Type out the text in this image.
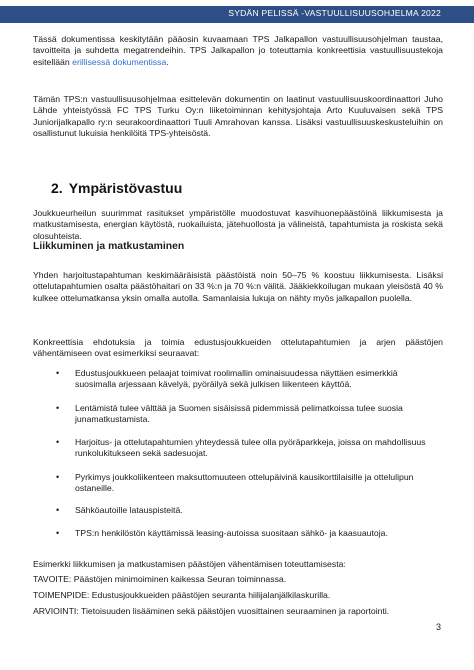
SYDÄN PELISSÄ -VASTUULLISUUSOHJELMA 2022

Tässä dokumentissa keskitytään pääosin kuvaamaan TPS Jalkapallon vastuullisuusohjelman taustaa, tavoitteita ja suhdetta megatrendeihin. TPS Jalkapallon jo toteuttamia konkreettisia vastuullisuustekoja esitellään erillisessä dokumentissa.

Tämän TPS:n vastuullisuusohjelmaa esittelevän dokumentin on laatinut vastuullisuuskoordinaattori Juho Lähde yhteistyössä FC TPS Turku Oy:n liiketoiminnan kehitysjohtaja Arto Kuuluvaisen sekä TPS Juniorijalkapallo ry:n seurakoordinaattori Tuuli Amrahovan kanssa. Lisäksi vastuullisuuskeskusteluihin on osallistunut lukuisia henkilöitä TPS-yhteisöstä.

2. Ympäristövastuu

Joukkueurheilun suurimmat rasitukset ympäristölle muodostuvat kasvihuonepäästöinä liikkumisesta ja matkustamisesta, energian käytöstä, ruokailuista, jätehuollosta ja välineistä, tapahtumista ja roskista sekä olosuhteista.

Liikkuminen ja matkustaminen

Yhden harjoitustapahtuman keskimääräisistä päästöistä noin 50–75 % koostuu liikkumisesta. Lisäksi ottelutapahtumien osalta päästöhaitari on 33 %:n ja 70 %:n välitä. Jääkiekkoilugan mukaan yleisöstä 40 % kulkee ottelumatkansa yksin omalla autolla. Samanlaisia lukuja on nähty myös jalkapallon puolella.

Konkreettisia ehdotuksia ja toimia edustusjoukkueiden ottelutapahtumien ja arjen päästöjen vähentämiseen ovat esimerkiksi seuraavat:

• Edustusjoukkueen pelaajat toimivat roolimallin ominaisuudessa näyttäen esimerkkiä suosimalla arjessaan kävelyä, pyöräilyä sekä julkisen liikenteen käyttöä.

• Lentämistä tulee välttää ja Suomen sisäisissä pidemmissä pelimatkoissa tulee suosia junamatkustamista.

• Harjoitus- ja ottelutapahtumien yhteydessä tulee olla pyöräparkkeja, joissa on mahdollisuus runkolukitukseen sekä sadesuojat.

• Pyrkimys joukkoliikenteen maksuttomuuteen ottelupäivinä kausikorttilaisille ja ottelulipun ostaneille.

• Sähköautoille latauspisteitä.

• TPS:n henkilöstön käyttämissä leasing-autoissa suositaan sähkö- ja kaasuautoja.

Esimerkki liikkumisen ja matkustamisen päästöjen vähentämisen toteuttamisesta:

TAVOITE: Päästöjen minimoiminen kaikessa Seuran toiminnassa.

TOIMENPIDE: Edustusjoukkueiden päästöjen seuranta hiilijalanjälkilaskurilla.

ARVIOINTI: Tietoisuuden lisääminen sekä päästöjen vuosittainen seuraaminen ja raportointi.

3
